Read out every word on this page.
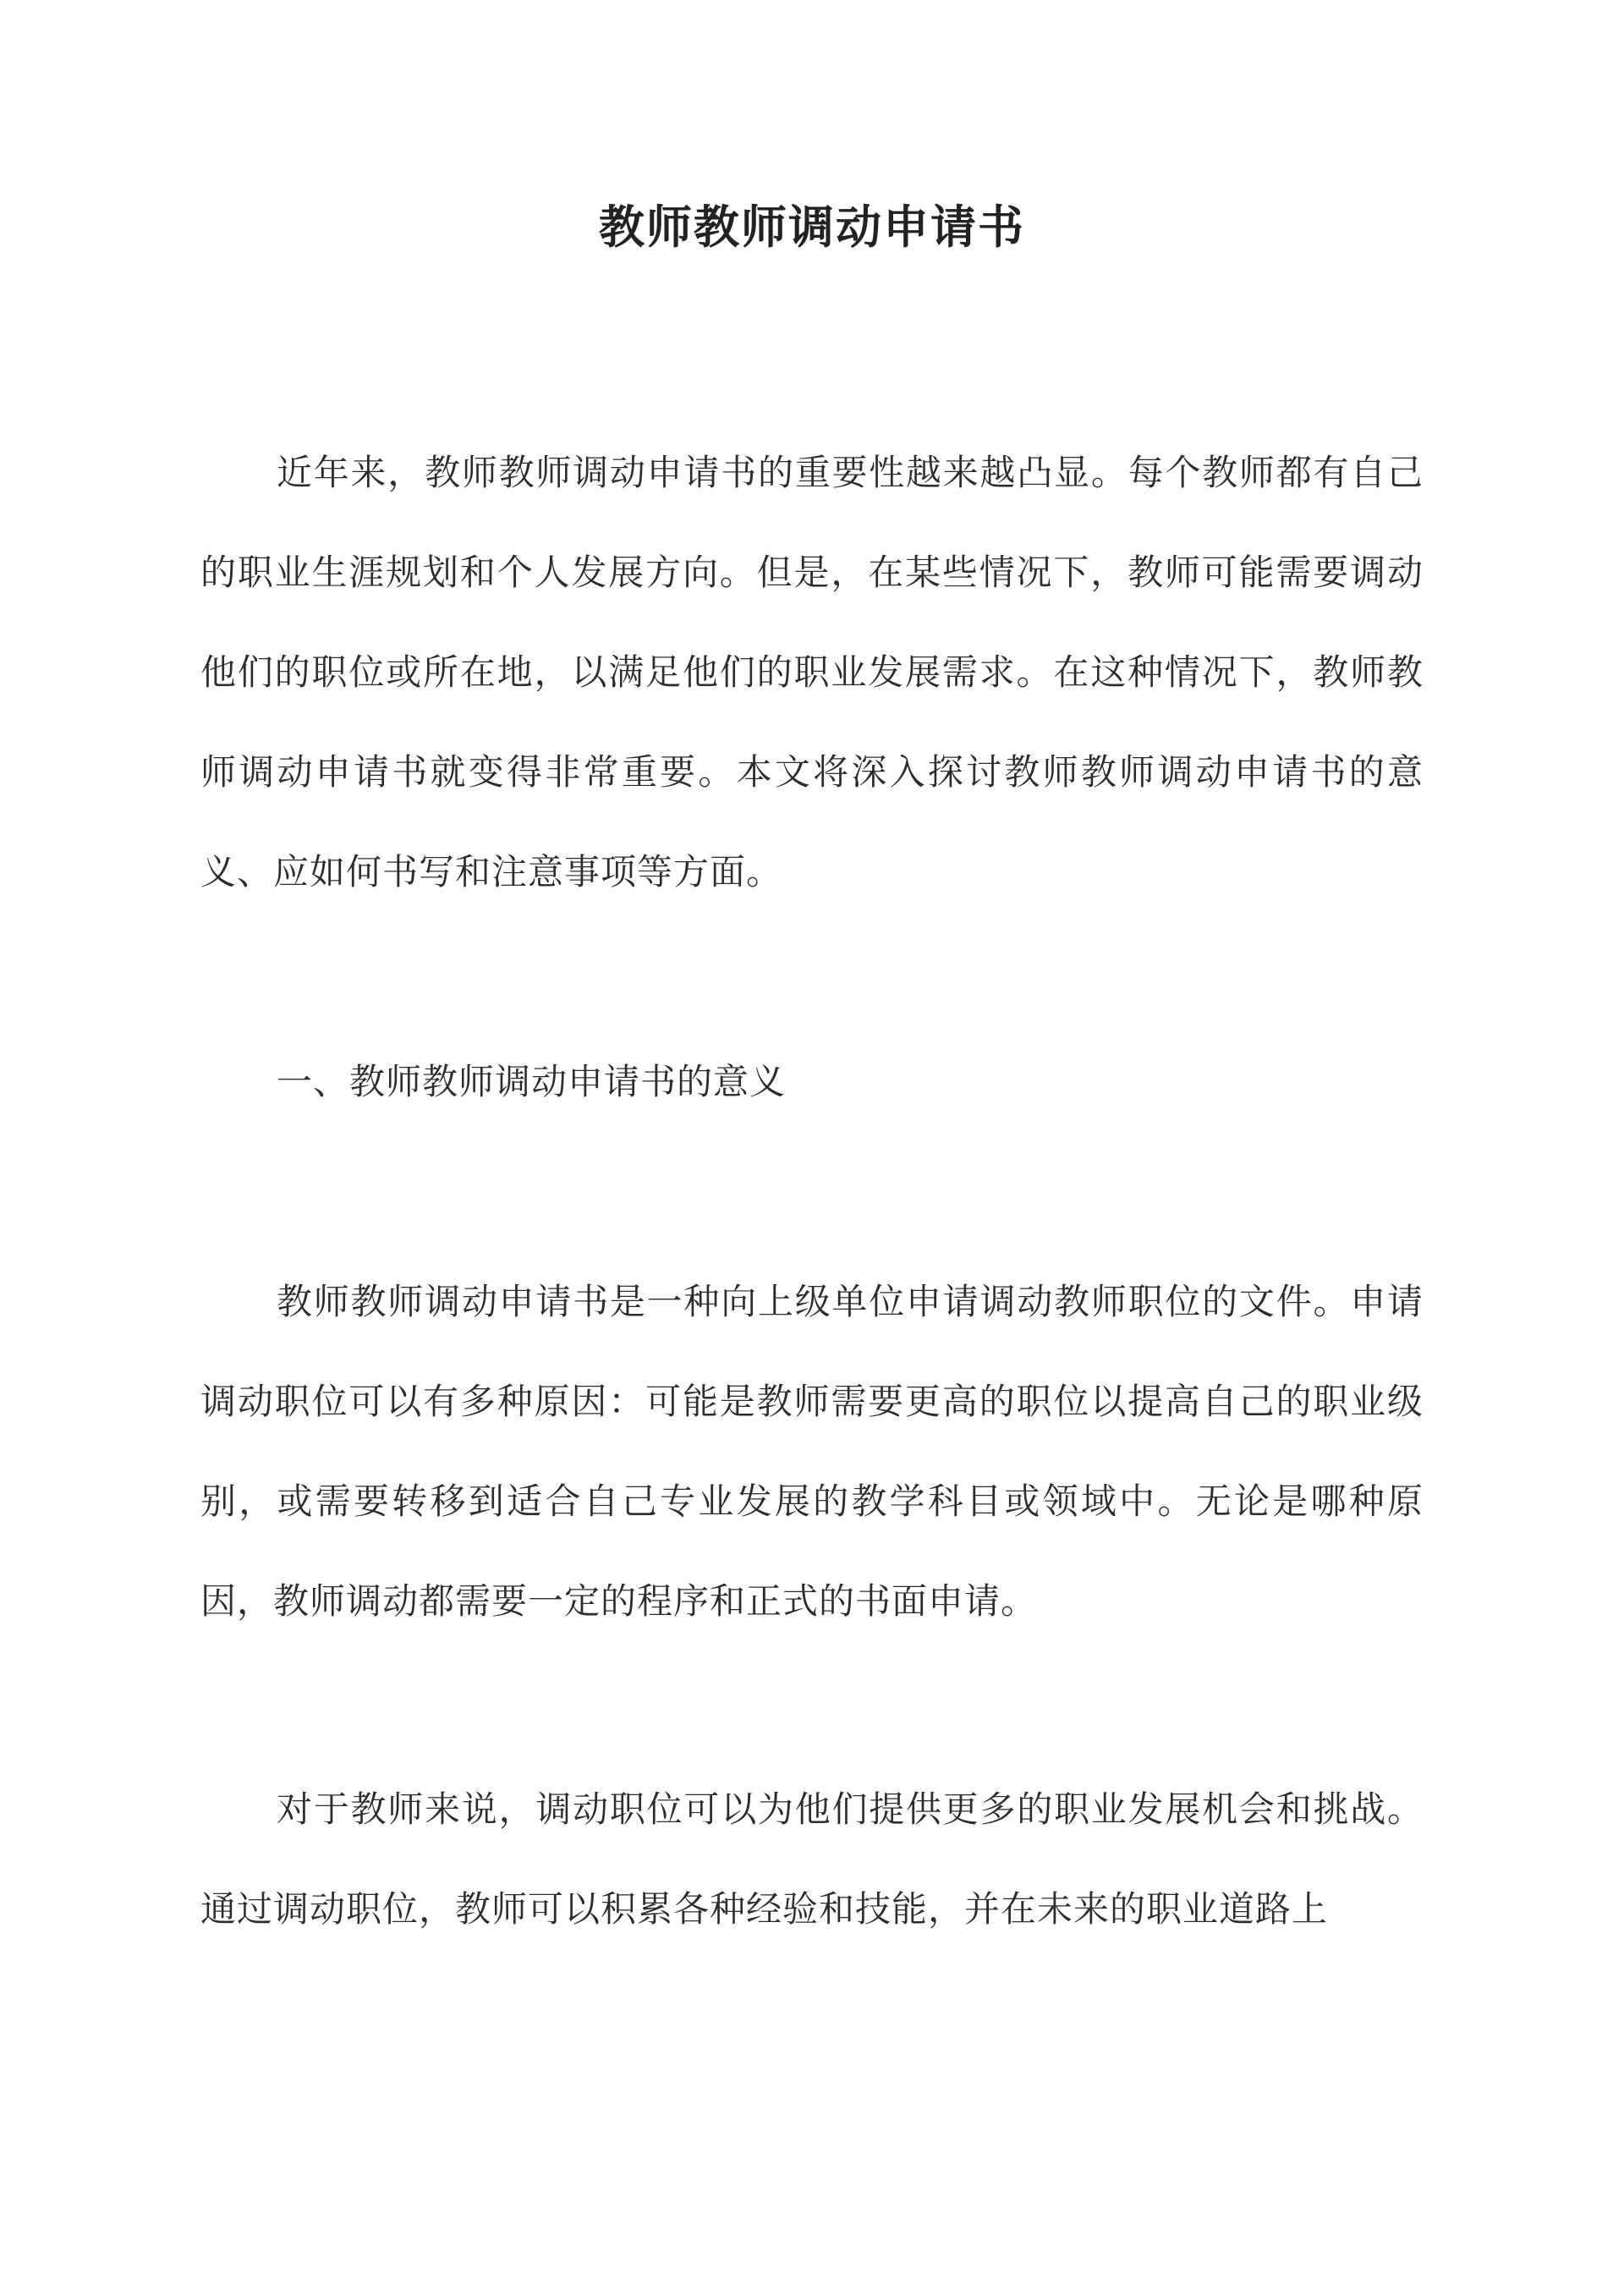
教师教师调动申请书
近年来，教师教师调动申请书的重要性越来越凸显。每个教师都有自己的职业生涯规划和个人发展方向。但是，在某些情况下，教师可能需要调动他们的职位或所在地，以满足他们的职业发展需求。在这种情况下，教师教师调动申请书就变得非常重要。本文将深入探讨教师教师调动申请书的意义、应如何书写和注意事项等方面。
一、教师教师调动申请书的意义
教师教师调动申请书是一种向上级单位申请调动教师职位的文件。申请调动职位可以有多种原因：可能是教师需要更高的职位以提高自己的职业级别，或需要转移到适合自己专业发展的教学科目或领域中。无论是哪种原因，教师调动都需要一定的程序和正式的书面申请。
对于教师来说，调动职位可以为他们提供更多的职业发展机会和挑战。通过调动职位，教师可以积累各种经验和技能，并在未来的职业道路上
